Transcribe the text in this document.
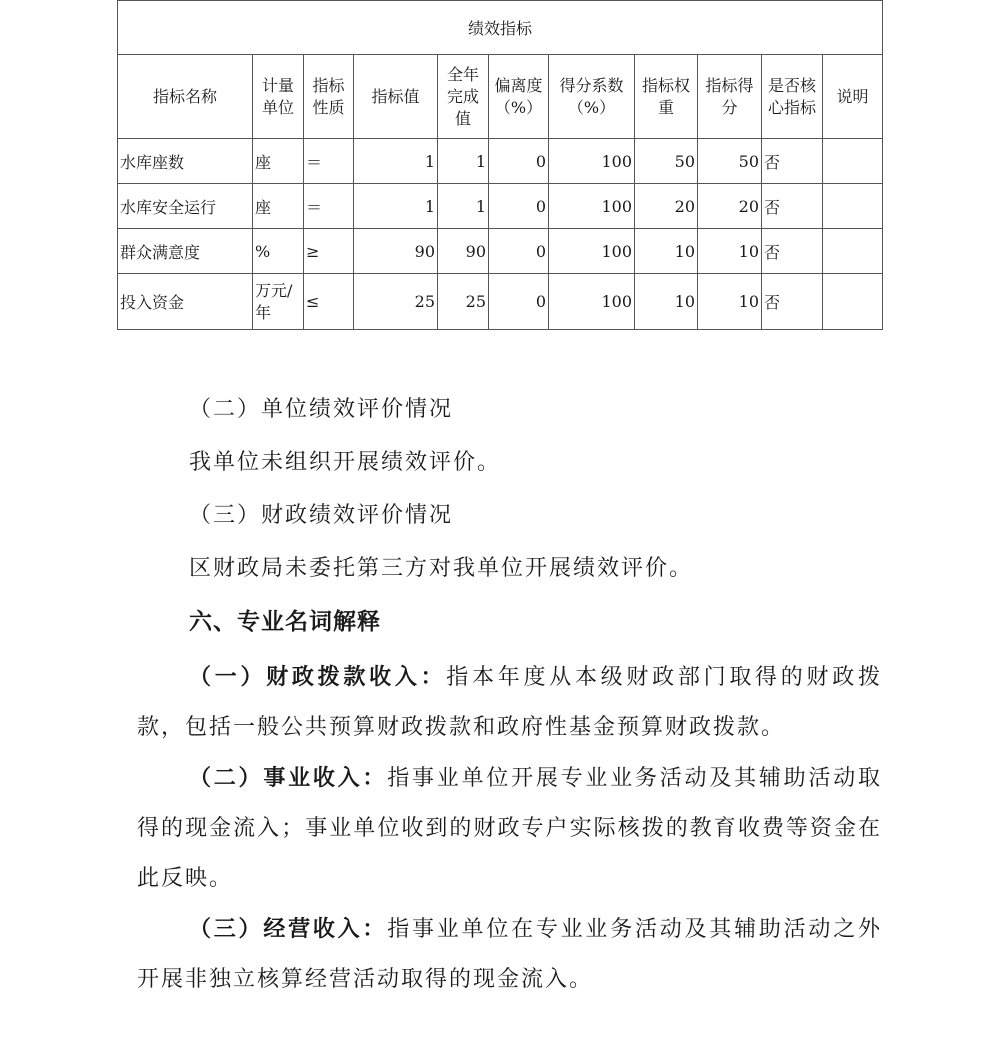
绩效指标										
指标名称	计量单位	指标性质	指标值	全年完成值	偏离度（%）	得分系数（%）	指标权重	指标得分	是否核心指标	说明
水库座数	座	＝	1	1	0	100	50	50	否	
水库安全运行	座	＝	1	1	0	100	20	20	否	
群众满意度	%	≥	90	90	0	100	10	10	否	
投入资金	万元/年	≤	25	25	0	100	10	10	否	

（二）单位绩效评价情况

我单位未组织开展绩效评价。

（三）财政绩效评价情况

区财政局未委托第三方对我单位开展绩效评价。

六、专业名词解释

（一）财政拨款收入：指本年度从本级财政部门取得的财政拨款，包括一般公共预算财政拨款和政府性基金预算财政拨款。

（二）事业收入：指事业单位开展专业业务活动及其辅助活动取得的现金流入；事业单位收到的财政专户实际核拨的教育收费等资金在此反映。

（三）经营收入：指事业单位在专业业务活动及其辅助活动之外开展非独立核算经营活动取得的现金流入。
